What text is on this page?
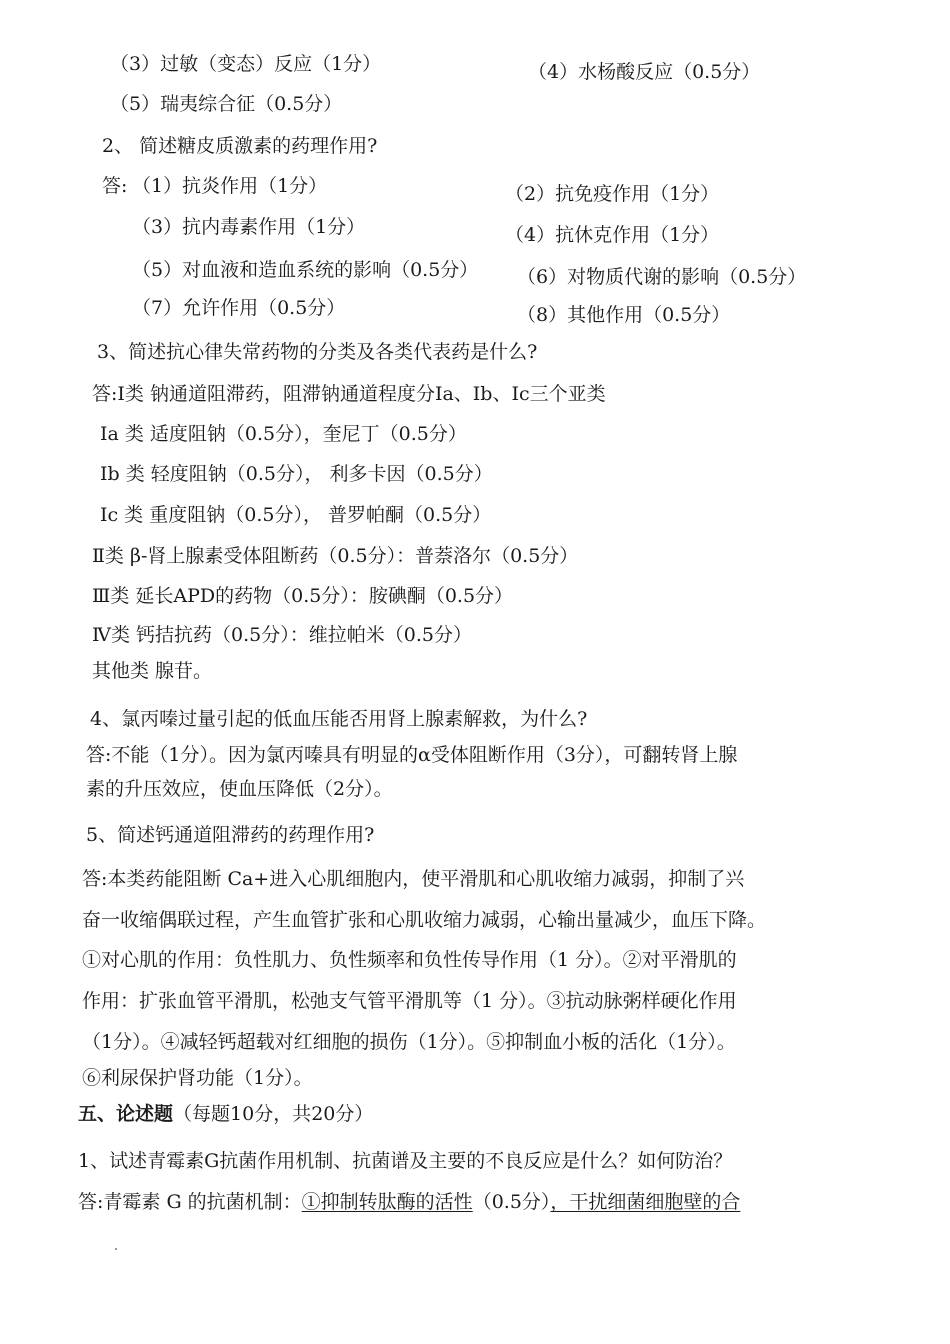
（3）过敏（变态）反应（1分）	（4）水杨酸反应（0.5分）
（5）瑞夷综合征（0.5分）
2、 简述糖皮质激素的药理作用?
答: （1）抗炎作用（1分）	（2）抗免疫作用（1分）
（3）抗内毒素作用（1分）	（4）抗休克作用（1分）
（5）对血液和造血系统的影响（0.5分） （6）对物质代谢的影响（0.5分）
（7）允许作用（0.5分）	（8）其他作用（0.5分）
3、简述抗心律失常药物的分类及各类代表药是什么?
答:Ⅰ类 钠通道阻滞药，阻滞钠通道程度分Ⅰa、Ⅰb、Ⅰc三个亚类
Ⅰa 类 适度阻钠（0.5分），奎尼丁（0.5分）
Ⅰb 类 轻度阻钠（0.5分）， 利多卡因（0.5分）
Ⅰc 类 重度阻钠（0.5分）， 普罗帕酮（0.5分）
Ⅱ类 β-肾上腺素受体阻断药（0.5分）：普萘洛尔（0.5分）
Ⅲ类 延长APD的药物（0.5分）：胺碘酮（0.5分）
Ⅳ类 钙拮抗药（0.5分）：维拉帕米（0.5分）
其他类 腺苷。
4、氯丙嗪过量引起的低血压能否用肾上腺素解救，为什么?
答:不能（1分）。因为氯丙嗪具有明显的α受体阻断作用（3分），可翻转肾上腺
素的升压效应，使血压降低（2分）。
5、简述钙通道阻滞药的药理作用?
答:本类药能阻断 Ca+进入心肌细胞内，使平滑肌和心肌收缩力减弱，抑制了兴
奋一收缩偶联过程，产生血管扩张和心肌收缩力减弱，心输出量减少，血压下降。
①对心肌的作用：负性肌力、负性频率和负性传导作用（1 分）。②对平滑肌的
作用：扩张血管平滑肌，松弛支气管平滑肌等（1 分）。③抗动脉粥样硬化作用
（1分）。④减轻钙超载对红细胞的损伤（1分）。⑤抑制血小板的活化（1分）。
⑥利尿保护肾功能（1分）。
五、论述题（每题10分，共20分）
1、试述青霉素G抗菌作用机制、抗菌谱及主要的不良反应是什么？如何防治？
答:青霉素 G 的抗菌机制：①抑制转肽酶的活性（0.5分），干扰细菌细胞壁的合
